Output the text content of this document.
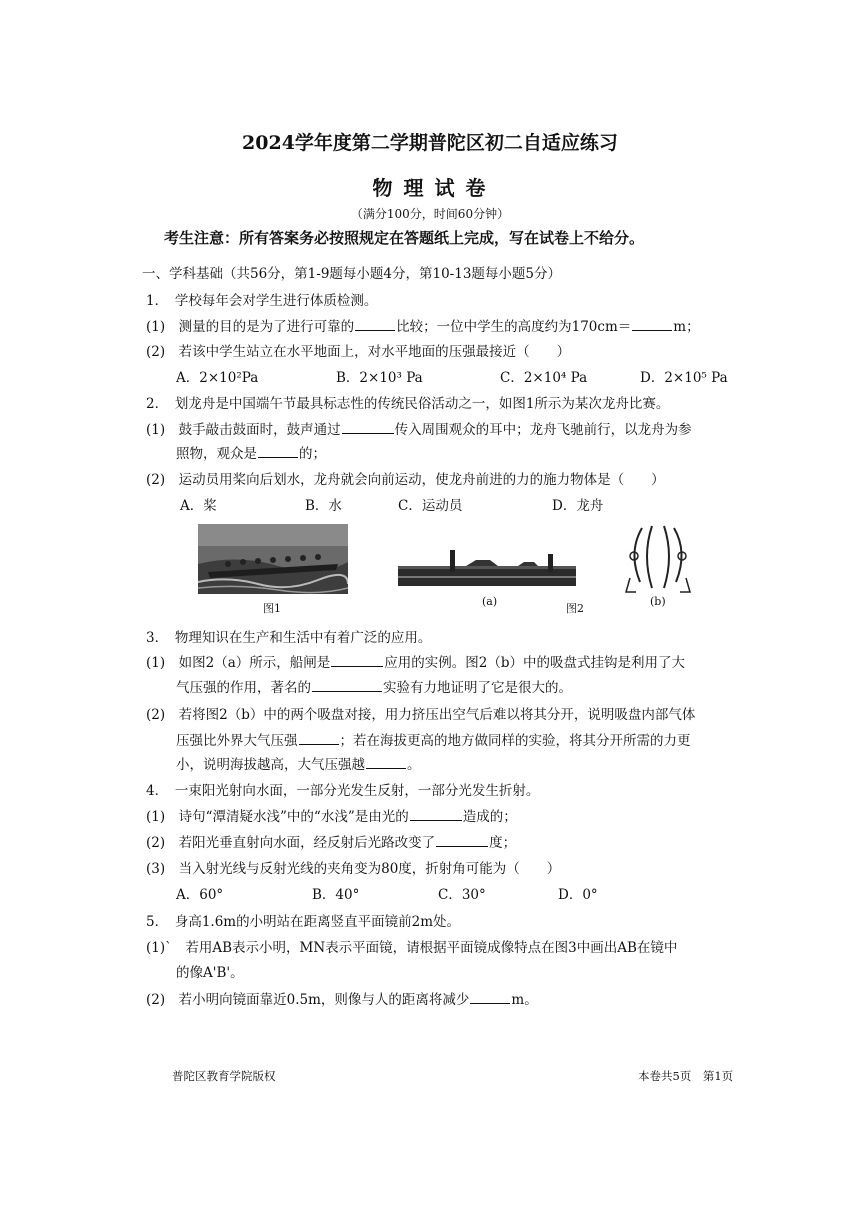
2024学年度第二学期普陀区初二自适应练习
物 理 试 卷
（满分100分，时间60分钟）
考生注意：所有答案务必按照规定在答题纸上完成，写在试卷上不给分。
一、学科基础（共56分，第1-9题每小题4分，第10-13题每小题5分）
1．　学校每年会对学生进行体质检测。
(1)　测量的目的是为了进行可靠的	比较；一位中学生的高度约为170cm＝	m；
(2)　若该中学生站立在水平地面上，对水平地面的压强最接近（　　）
A．2×10²Pa	B．2×10³ Pa	C．2×10⁴ Pa	D．2×10⁵ Pa
2．　划龙舟是中国端午节最具标志性的传统民俗活动之一，如图1所示为某次龙舟比赛。
(1)　鼓手敲击鼓面时，鼓声通过	传入周围观众的耳中；龙舟飞驰前行，以龙舟为参
照物，观众是	的；
(2)　运动员用桨向后划水，龙舟就会向前运动，使龙舟前进的力的施力物体是（　　）
A．桨	B．水	C．运动员	D．龙舟
图1
(a)
图2
(b)
3．　物理知识在生产和生活中有着广泛的应用。
(1)　如图2（a）所示，船闸是	应用的实例。图2（b）中的吸盘式挂钩是利用了大
气压强的作用，著名的	实验有力地证明了它是很大的。
(2)　若将图2（b）中的两个吸盘对接，用力挤压出空气后难以将其分开，说明吸盘内部气体
压强比外界大气压强	；若在海拔更高的地方做同样的实验，将其分开所需的力更
小，说明海拔越高，大气压强越	。
4．　一束阳光射向水面，一部分光发生反射，一部分光发生折射。
(1)　诗句“潭清疑水浅”中的“水浅”是由光的	造成的；
(2)　若阳光垂直射向水面，经反射后光路改变了	度；
(3)　当入射光线与反射光线的夹角变为80度，折射角可能为（　　）
A．60°	B．40°	C．30°	D．0°
5．　身高1.6m的小明站在距离竖直平面镜前2m处。
(1)`　若用AB表示小明，MN表示平面镜，请根据平面镜成像特点在图3中画出AB在镜中
的像A'B'。
(2)　若小明向镜面靠近0.5m，则像与人的距离将减少	m。
普陀区教育学院版权	本卷共5页　第1页
